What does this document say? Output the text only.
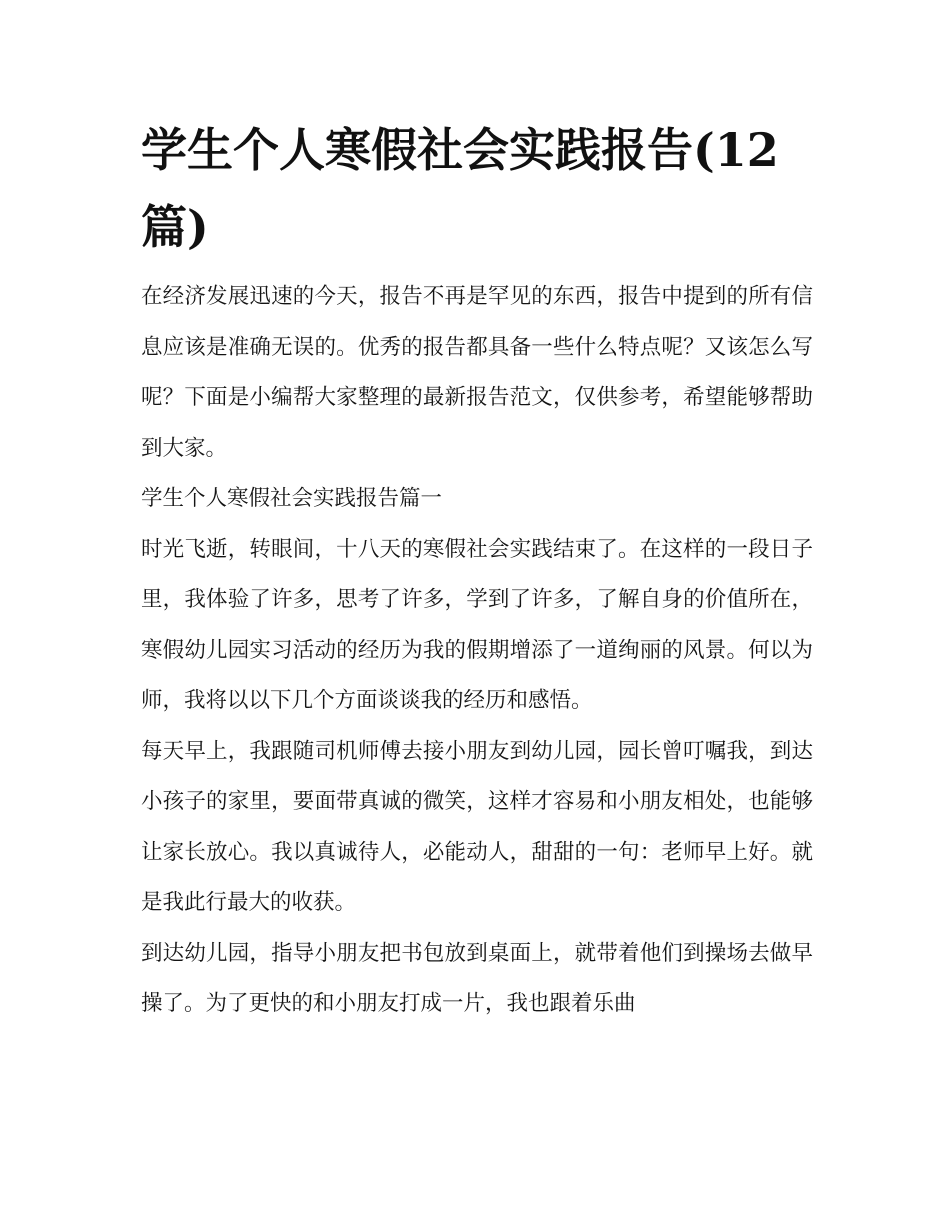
学生个人寒假社会实践报告(12篇)

在经济发展迅速的今天，报告不再是罕见的东西，报告中提到的所有信息应该是准确无误的。优秀的报告都具备一些什么特点呢？又该怎么写呢？下面是小编帮大家整理的最新报告范文，仅供参考，希望能够帮助到大家。

学生个人寒假社会实践报告篇一

时光飞逝，转眼间，十八天的寒假社会实践结束了。在这样的一段日子里，我体验了许多，思考了许多，学到了许多，了解自身的价值所在，寒假幼儿园实习活动的经历为我的假期增添了一道绚丽的风景。何以为师，我将以以下几个方面谈谈我的经历和感悟。

每天早上，我跟随司机师傅去接小朋友到幼儿园，园长曾叮嘱我，到达小孩子的家里，要面带真诚的微笑，这样才容易和小朋友相处，也能够让家长放心。我以真诚待人，必能动人，甜甜的一句：老师早上好。就是我此行最大的收获。

到达幼儿园，指导小朋友把书包放到桌面上，就带着他们到操场去做早操了。为了更快的和小朋友打成一片，我也跟着乐曲
